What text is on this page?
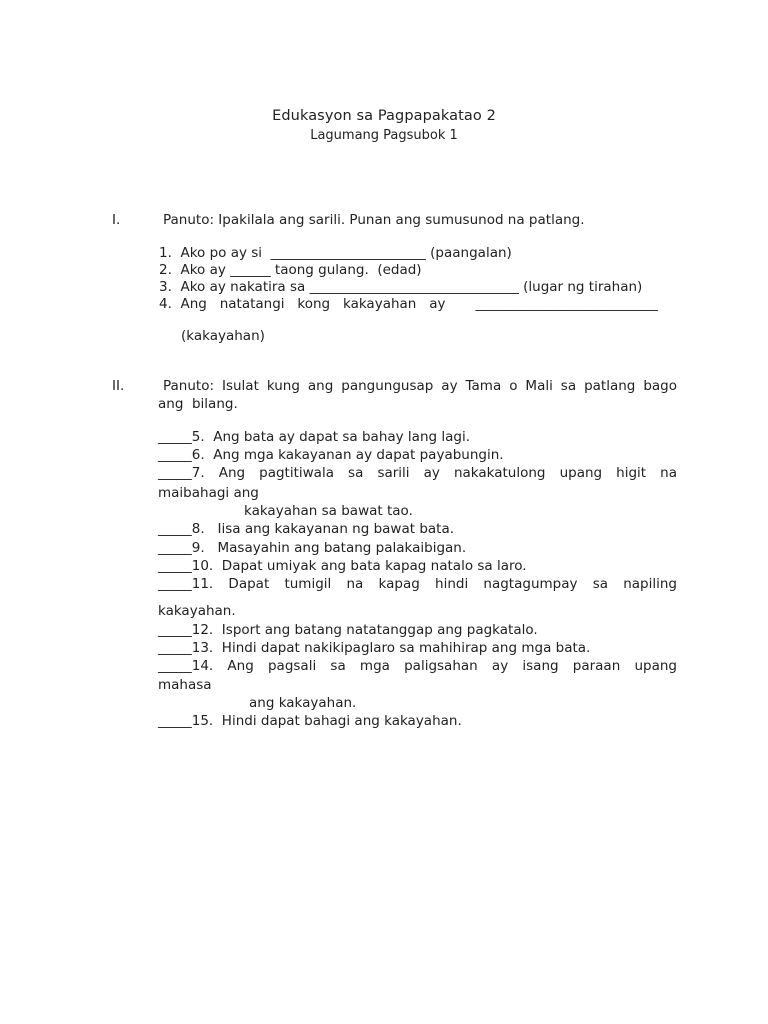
Edukasyon sa Pagpapakatao 2
Lagumang Pagsubok 1
I.	Panuto: Ipakilala ang sarili. Punan ang sumusunod na patlang.
1.  Ako po ay si  _______________________ (paangalan)
2.  Ako ay ______ taong gulang.  (edad)
3.  Ako ay nakatira sa _______________________________ (lugar ng tirahan)
4.  Ang   natatangi   kong   kakayahan   ay       ___________________________
(kakayahan)
II.	Panuto: Isulat kung ang pangungusap ay Tama o Mali sa patlang bago
ang  bilang.
_____5.  Ang bata ay dapat sa bahay lang lagi.
_____6.  Ang mga kakayanan ay dapat payabungin.
_____7. Ang pagtitiwala sa sarili ay nakakatulong upang higit na
maibahagi ang
kakayahan sa bawat tao.
_____8.   Iisa ang kakayanan ng bawat bata.
_____9.   Masayahin ang batang palakaibigan.
_____10.  Dapat umiyak ang bata kapag natalo sa laro.
_____11. Dapat tumigil na kapag hindi nagtagumpay sa napiling
kakayahan.
_____12.  Isport ang batang natatanggap ang pagkatalo.
_____13.  Hindi dapat nakikipaglaro sa mahihirap ang mga bata.
_____14. Ang pagsali sa mga paligsahan ay isang paraan upang
mahasa
ang kakayahan.
_____15.  Hindi dapat bahagi ang kakayahan.
